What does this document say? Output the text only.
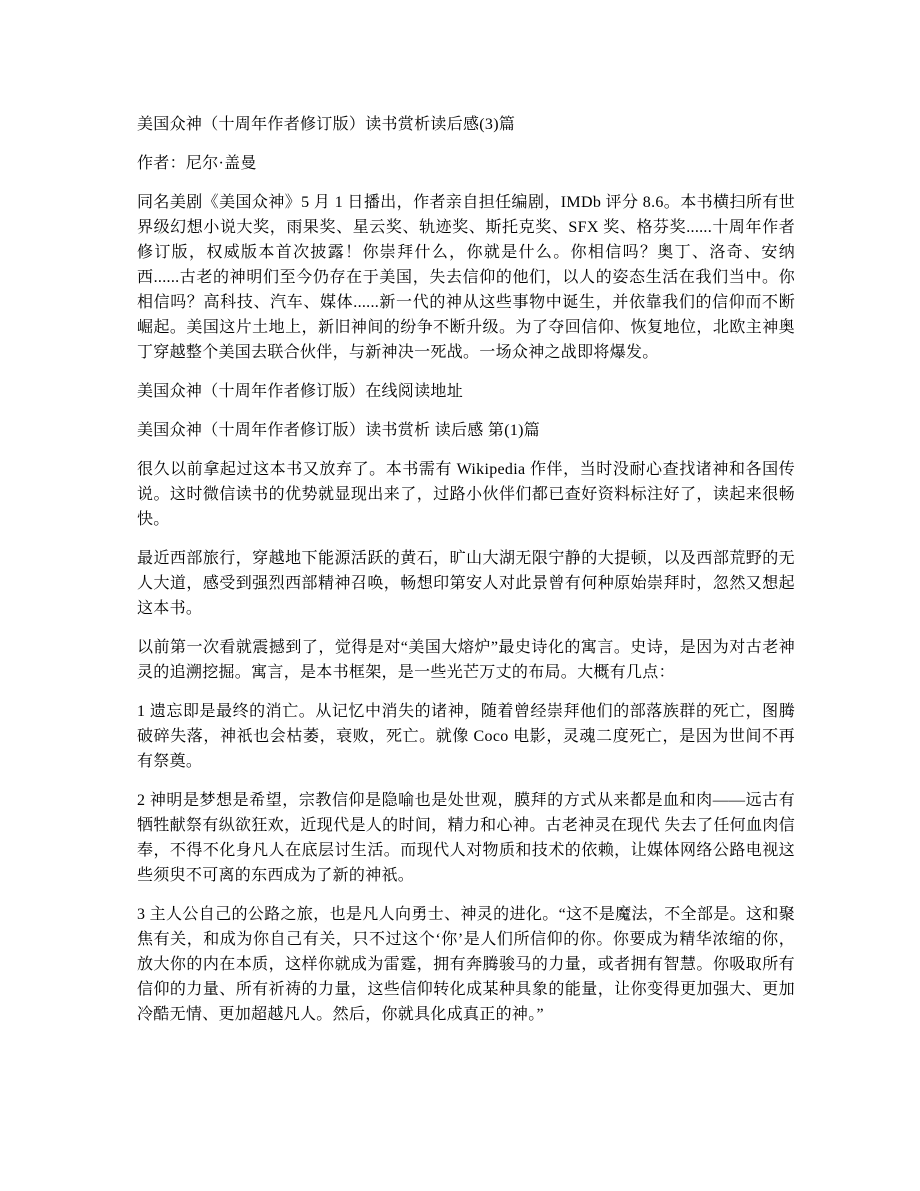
美国众神（十周年作者修订版）读书赏析读后感(3)篇

作者：尼尔·盖曼

同名美剧《美国众神》5 月 1 日播出，作者亲自担任编剧，IMDb 评分 8.6。本书横扫所有世界级幻想小说大奖，雨果奖、星云奖、轨迹奖、斯托克奖、SFX 奖、格芬奖......十周年作者修订版，权威版本首次披露！你崇拜什么，你就是什么。你相信吗？奥丁、洛奇、安纳西......古老的神明们至今仍存在于美国，失去信仰的他们，以人的姿态生活在我们当中。你相信吗？高科技、汽车、媒体......新一代的神从这些事物中诞生，并依靠我们的信仰而不断崛起。美国这片土地上，新旧神间的纷争不断升级。为了夺回信仰、恢复地位，北欧主神奥丁穿越整个美国去联合伙伴，与新神决一死战。一场众神之战即将爆发。

美国众神（十周年作者修订版）在线阅读地址

美国众神（十周年作者修订版）读书赏析 读后感 第(1)篇

很久以前拿起过这本书又放弃了。本书需有 Wikipedia 作伴，当时没耐心查找诸神和各国传说。这时微信读书的优势就显现出来了，过路小伙伴们都已查好资料标注好了，读起来很畅快。

最近西部旅行，穿越地下能源活跃的黄石，旷山大湖无限宁静的大提顿，以及西部荒野的无人大道，感受到强烈西部精神召唤，畅想印第安人对此景曾有何种原始崇拜时，忽然又想起这本书。

以前第一次看就震撼到了，觉得是对“美国大熔炉”最史诗化的寓言。史诗，是因为对古老神灵的追溯挖掘。寓言，是本书框架，是一些光芒万丈的布局。大概有几点：

1 遗忘即是最终的消亡。从记忆中消失的诸神，随着曾经崇拜他们的部落族群的死亡，图腾破碎失落，神祇也会枯萎，衰败，死亡。就像 Coco 电影，灵魂二度死亡，是因为世间不再有祭奠。

2 神明是梦想是希望，宗教信仰是隐喻也是处世观，膜拜的方式从来都是血和肉——远古有牺牲献祭有纵欲狂欢，近现代是人的时间，精力和心神。古老神灵在现代 失去了任何血肉信奉，不得不化身凡人在底层讨生活。而现代人对物质和技术的依赖，让媒体网络公路电视这些须臾不可离的东西成为了新的神祇。

3 主人公自己的公路之旅，也是凡人向勇士、神灵的进化。“这不是魔法，不全部是。这和聚焦有关，和成为你自己有关，只不过这个‘你’是人们所信仰的你。你要成为精华浓缩的你，放大你的内在本质，这样你就成为雷霆，拥有奔腾骏马的力量，或者拥有智慧。你吸取所有信仰的力量、所有祈祷的力量，这些信仰转化成某种具象的能量，让你变得更加强大、更加冷酷无情、更加超越凡人。然后，你就具化成真正的神。”
